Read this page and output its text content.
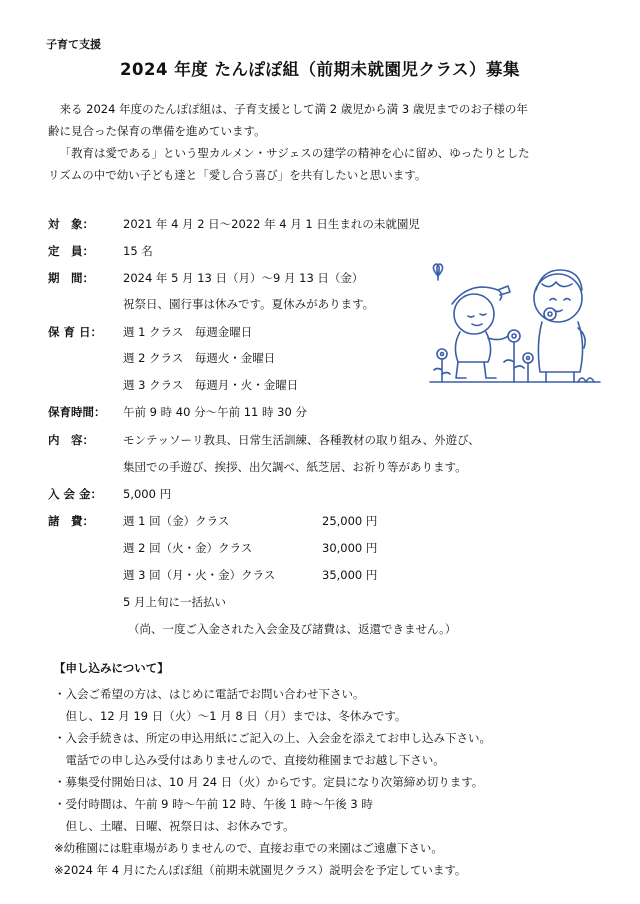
子育て支援
2024 年度 たんぽぽ組（前期未就園児クラス）募集

来る 2024 年度のたんぽぽ組は、子育支援として満 2 歳児から満 3 歳児までのお子様の年

齢に見合った保育の準備を進めています。

「教育は愛である」という聖カルメン・サジェスの建学の精神を心に留め、ゆったりとした

リズムの中で幼い子ども達と「愛し合う喜び」を共有したいと思います。
対　象：	2021 年 4 月 2 日～2022 年 4 月 1 日生まれの未就園児
定　員：	15 名
期　間：	2024 年 5 月 13 日（月）～9 月 13 日（金）
祝祭日、園行事は休みです。夏休みがあります。
保 育 日： 週 1 クラス　毎週金曜日
週 2 クラス　毎週火・金曜日
週 3 クラス　毎週月・火・金曜日
保育時間： 午前 9 時 40 分～午前 11 時 30 分
内　容：	モンテッソーリ教具、日常生活訓練、各種教材の取り組み、外遊び、
集団での手遊び、挨拶、出欠調べ、紙芝居、お祈り等があります。
入 会 金： 5,000 円
諸　費：	週 1 回（金）クラス	25,000 円
週 2 回（火・金）クラス	30,000 円
週 3 回（月・火・金）クラス	35,000 円
5 月上旬に一括払い
（尚、一度ご入金された入会金及び諸費は、返還できません。）
【申し込みについて】
・入会ご希望の方は、はじめに電話でお問い合わせ下さい。
　但し、12 月 19 日（火）～1 月 8 日（月）までは、冬休みです。
・入会手続きは、所定の申込用紙にご記入の上、入会金を添えてお申し込み下さい。
　電話での申し込み受付はありませんので、直接幼稚園までお越し下さい。
・募集受付開始日は、10 月 24 日（火）からです。定員になり次第締め切ります。
・受付時間は、午前 9 時～午前 12 時、午後 1 時～午後 3 時
　但し、土曜、日曜、祝祭日は、お休みです。
※幼稚園には駐車場がありませんので、直接お車での来園はご遠慮下さい。
※2024 年 4 月にたんぽぽ組（前期未就園児クラス）説明会を予定しています。
